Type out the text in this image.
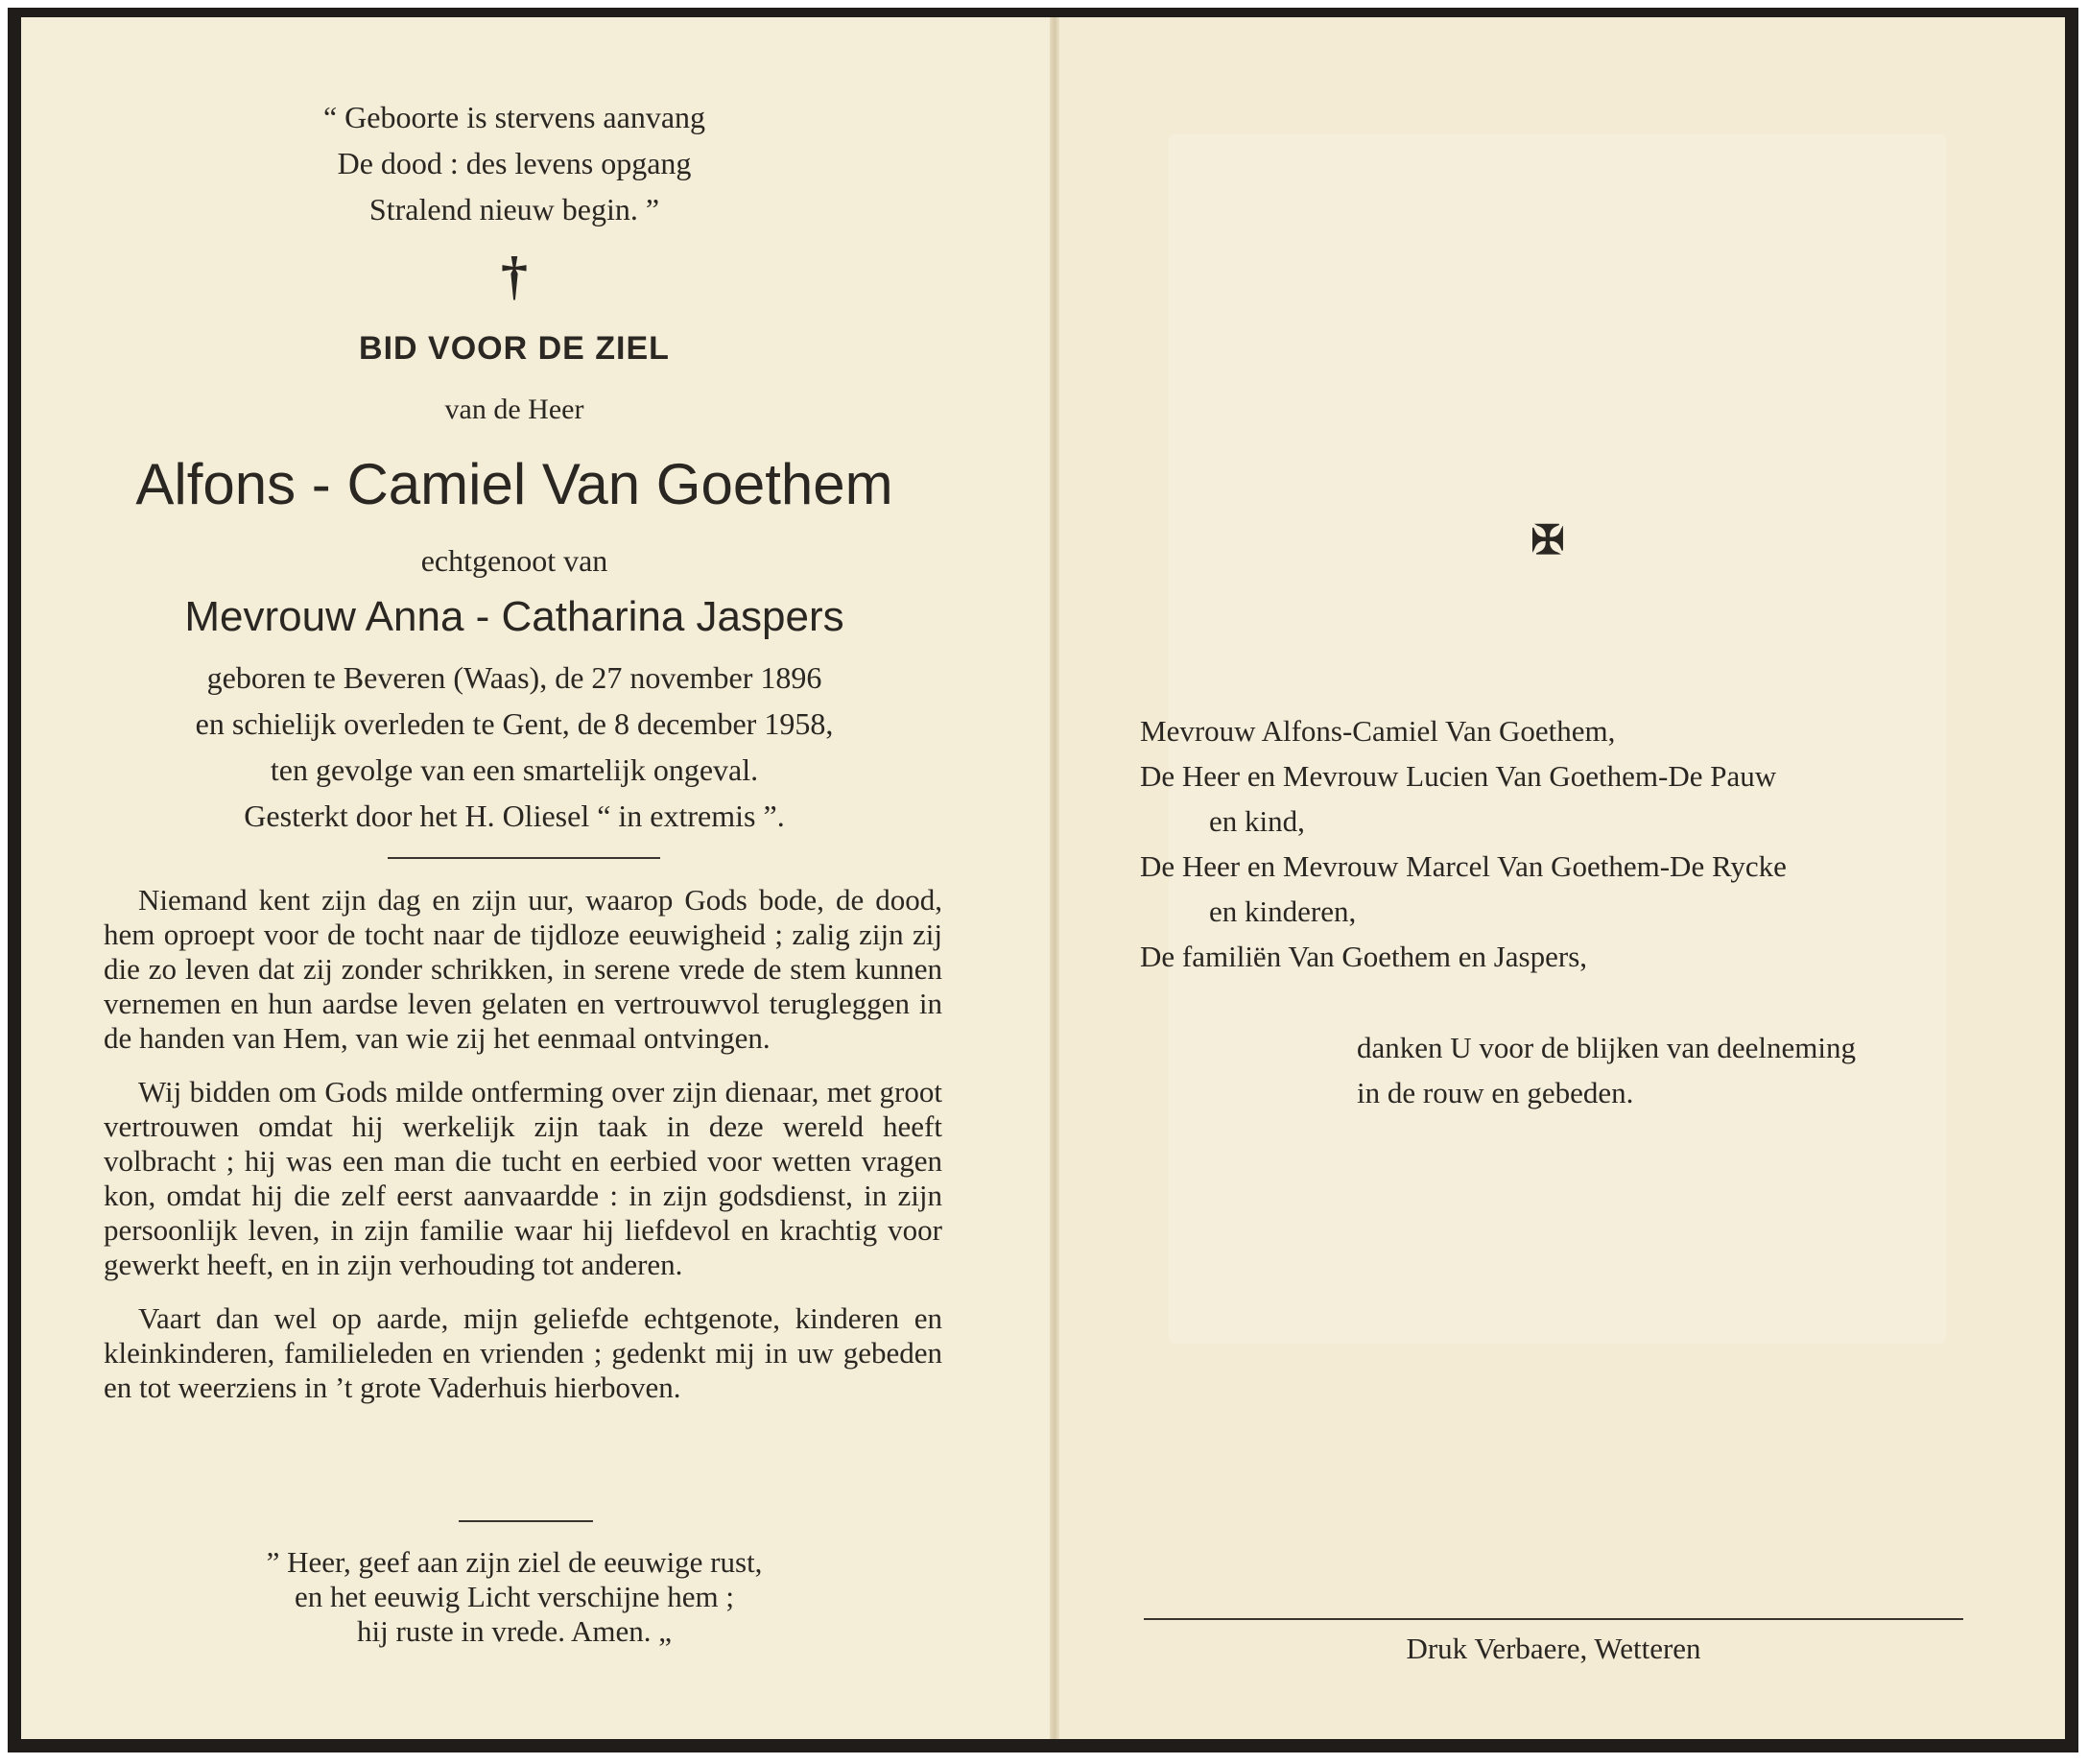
“ Geboorte is stervens aanvang
De dood : des levens opgang
Stralend nieuw begin. ”
†
BID VOOR DE ZIEL
van de Heer
Alfons - Camiel Van Goethem
echtgenoot van
Mevrouw Anna - Catharina Jaspers
geboren te Beveren (Waas), de 27 november 1896
en schielijk overleden te Gent, de 8 december 1958,
ten gevolge van een smartelijk ongeval.
Gesterkt door het H. Oliesel “ in extremis ”.

Niemand kent zijn dag en zijn uur, waarop Gods bode, de dood, hem oproept voor de tocht naar de tijdloze eeuwigheid ; zalig zijn zij die zo leven dat zij zonder schrikken, in serene vrede de stem kunnen vernemen en hun aardse leven gelaten en vertrouwvol terugleggen in de handen van Hem, van wie zij het eenmaal ontvingen.

Wij bidden om Gods milde ontferming over zijn dienaar, met groot vertrouwen omdat hij werkelijk zijn taak in deze wereld heeft volbracht ; hij was een man die tucht en eerbied voor wetten vragen kon, omdat hij die zelf eerst aanvaardde : in zijn godsdienst, in zijn persoonlijk leven, in zijn familie waar hij liefdevol en krachtig voor gewerkt heeft, en in zijn verhouding tot anderen.

Vaart dan wel op aarde, mijn geliefde echtgenote, kinderen en kleinkinderen, familieleden en vrienden ; gedenkt mij in uw gebeden en tot weerziens in ’t grote Vaderhuis hierboven.

” Heer, geef aan zijn ziel de eeuwige rust,
en het eeuwig Licht verschijne hem ;
hij ruste in vrede. Amen. „
✠
Mevrouw Alfons-Camiel Van Goethem,
De Heer en Mevrouw Lucien Van Goethem-De Pauw
en kind,
De Heer en Mevrouw Marcel Van Goethem-De Rycke
en kinderen,
De familiën Van Goethem en Jaspers,
danken U voor de blijken van deelneming
in de rouw en gebeden.
Druk Verbaere, Wetteren
